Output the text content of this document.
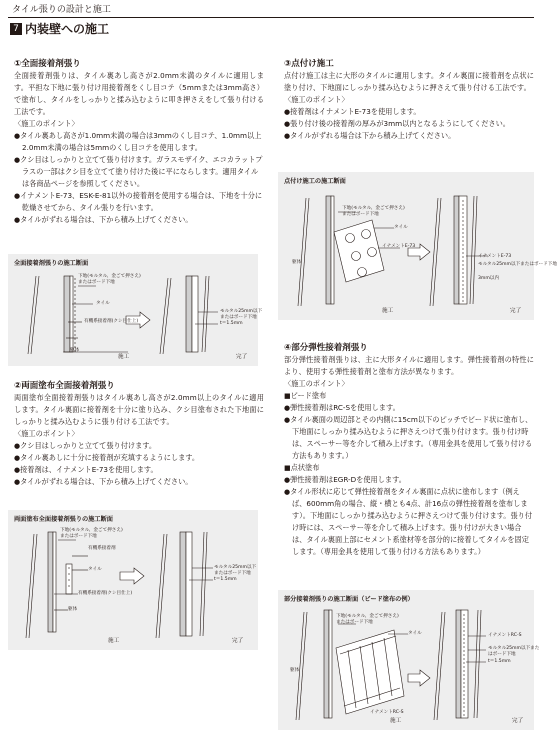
タイル張りの設計と施工
7 内装壁への施工

①全面接着剤張り

全面接着剤張りは、タイル裏あし高さが2.0mm未満のタイルに適用します。平担な下地に張り付け用接着剤をくし目コテ（5mmまたは3mm高さ）で塗布し、タイルをしっかりと揉み込むように叩き押さえをして張り付ける工法です。

〈施工のポイント〉

● タイル裏あし高さが1.0mm未満の場合は3mmのくし目コテ、1.0mm以上2.0mm未満の場合は5mmのくし目コテを使用します。

● クシ目はしっかりと立てて張り付けます。ガラスモザイク、エコカラットプラスの一部はクシ目を立てて塗り付けた後に平にならします。適用タイルは各商品ページを参照してください。

● イナメントE-73、ESK-E-81以外の接着剤を使用する場合は、下地を十分に乾燥させてから、タイル張りを行います。

● タイルがずれる場合は、下から積み上げてください。

全面接着剤張りの施工断面
下地(モルタル、金ごて押さえ)
またはボード下地
タイル
有機系接着剤(クシ目仕上)
躯体
モルタル25mm以下
またはボード下地
t＝1.5mm
施工	完了

②両面塗布全面接着剤張り

両面塗布全面接着剤張りはタイル裏あし高さが2.0mm以上のタイルに適用します。タイル裏面に接着剤を十分に塗り込み、クシ目塗布された下地面にしっかりと揉み込むように張り付ける工法です。

〈施工のポイント〉

● クシ目はしっかりと立てて張り付けます。

● タイル裏あしに十分に接着剤が充填するようにします。

● 接着剤は、イナメントE-73を使用します。

● タイルがずれる場合は、下から積み上げてください。

両面塗布全面接着剤張りの施工断面
下地(モルタル、金ごて押さえ)
またはボード下地
有機系接着剤
タイル
有機系接着剤(クシ目仕上)
躯体
モルタル25mm以下
またはボード下地
t＝1.5mm
施工	完了

③点付け施工

点付け施工は主に大形のタイルに適用します。タイル裏面に接着剤を点状に塗り付け、下地面にしっかり揉み込むように押さえて張り付ける工法です。

〈施工のポイント〉

● 接着剤はイナメントE-73を使用します。

● 張り付け後の接着剤の厚みが3mm以内となるようにしてください。

● タイルがずれる場合は下から積み上げてください。

点付け施工の施工断面
下地(モルタル、金ごて押さえ)
またはボード下地
タイル
イナメントE-73
イナメントE-73
モルタル25mm以下またはボード下地
3mm以内
躯体
施工	完了

④部分弾性接着剤張り

部分弾性接着剤張りは、主に大形タイルに適用します。弾性接着剤の特性により、使用する弾性接着剤と塗布方法が異なります。

〈施工のポイント〉

■ ビード塗布

● 弾性接着剤はRC-Sを使用します。

● タイル裏面の周辺部とその内側に15cm以下のピッチでビード状に塗布し、下地面にしっかり揉み込むように押さえつけて張り付けます。張り付け時は、スペーサー等を介して積み上げます。（専用金具を使用して張り付ける方法もあります。）

■ 点状塗布

● 弾性接着剤はEGR-Dを使用します。

● タイル形状に応じて弾性接着剤をタイル裏面に点状に塗布します（例えば、600mm角の場合、縦・横とも4点、計16点の弾性接着剤を塗布します）。下地面にしっかり揉み込むように押さえつけて張り付けます。張り付け時には、スペーサー等を介して積み上げます。張り付けが大きい場合は、タイル裏面上部にセメント系塗材等を部分的に接着してタイルを固定します。（専用金具を使用して張り付ける方法もあります。）

部分接着剤張りの施工断面（ビード塗布の例）
下地(モルタル、金ごて押さえ)
またはボード下地
タイル
イナメントRC-S
イナメントRC-S
モルタル25mm以下また
はボード下地
t＝1.5mm
躯体
施工	完了
